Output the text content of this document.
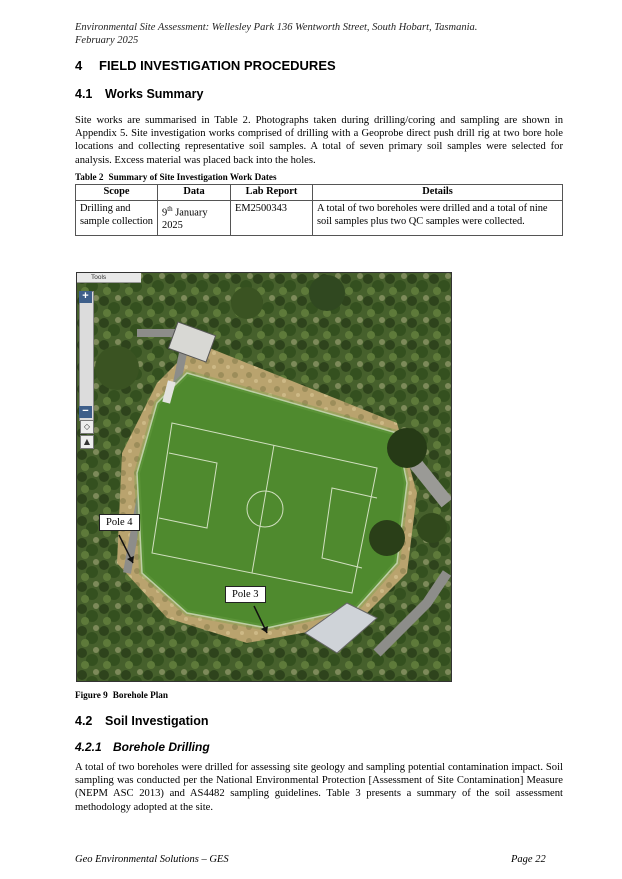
Environmental Site Assessment: Wellesley Park 136 Wentworth Street, South Hobart, Tasmania.
February 2025
4 FIELD INVESTIGATION PROCEDURES
4.1 Works Summary
Site works are summarised in Table 2. Photographs taken during drilling/coring and sampling are shown in Appendix 5. Site investigation works comprised of drilling with a Geoprobe direct push drill rig at two bore hole locations and collecting representative soil samples. A total of seven primary soil samples were selected for analysis. Excess material was placed back into the holes.
Table 2 Summary of Site Investigation Work Dates
Scope	Data	Lab Report	Details
Drilling and sample collection	9th January 2025	EM2500343	A total of two boreholes were drilled and a total of nine soil samples plus two QC samples were collected.
Tools
+
−
◇
▲
Pole 4
Pole 3
Figure 9 Borehole Plan
4.2 Soil Investigation
4.2.1 Borehole Drilling
A total of two boreholes were drilled for assessing site geology and sampling potential contamination impact. Soil sampling was conducted per the National Environmental Protection [Assessment of Site Contamination] Measure (NEPM ASC 2013) and AS4482 sampling guidelines. Table 3 presents a summary of the soil assessment methodology adopted at the site.
Geo Environmental Solutions – GES	Page 22
